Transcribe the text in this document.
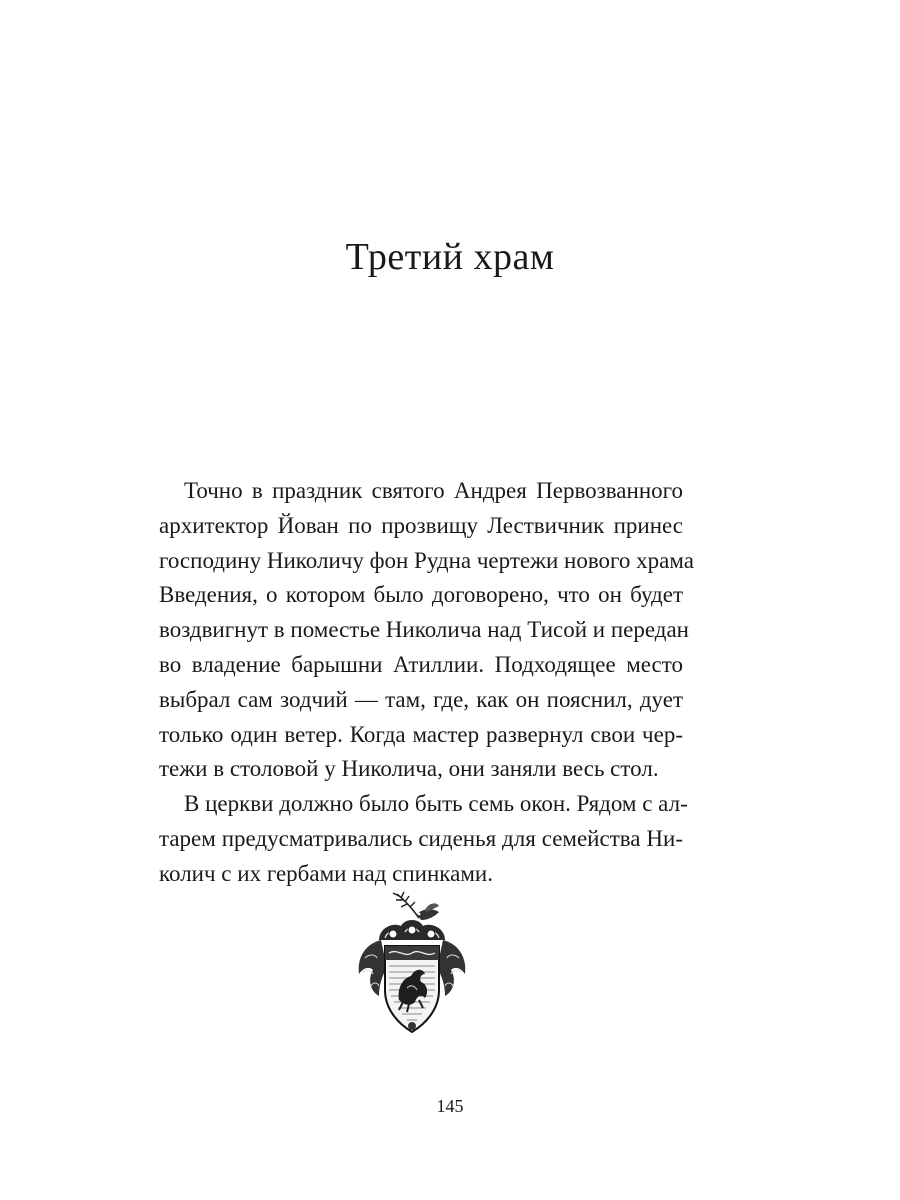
Третий храм
Точно в праздник святого Андрея Первозванного
архитектор Йован по прозвищу Лествичник принес
господину Николичу фон Рудна чертежи нового храма
Введения, о котором было договорено, что он будет
воздвигнут в поместье Николича над Тисой и передан
во владение барышни Атиллии. Подходящее место
выбрал сам зодчий — там, где, как он пояснил, дует
только один ветер. Когда мастер развернул свои чер-
тежи в столовой у Николича, они заняли весь стол.
В церкви должно было быть семь окон. Рядом с ал-
тарем предусматривались сиденья для семейства Ни-
колич с их гербами над спинками.
145
